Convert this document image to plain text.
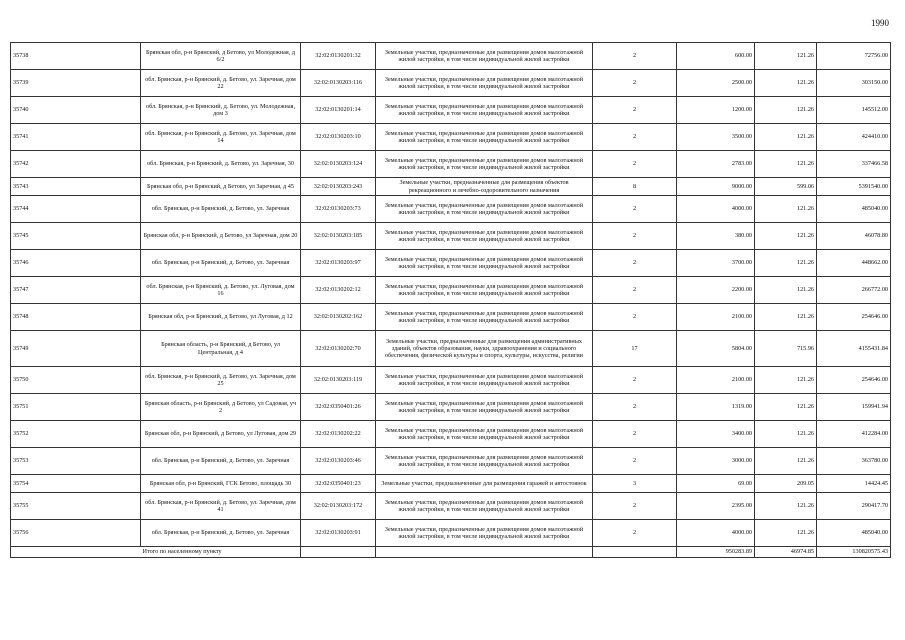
1990
35738	Брянская обл, р-н Брянский, д Бетово, ул Молодежная, д 6/2	32:02:0130201:32	Земельные участки, предназначенные для размещения домов малоэтажной жилой застройки, в том числе индивидуальной жилой застройки	2	600.00	121.26	72756.00
35739	обл. Брянская, р-н Брянский, д. Бетово, ул. Заречная, дом 22	32:02:0130203:116	Земельные участки, предназначенные для размещения домов малоэтажной жилой застройки, в том числе индивидуальной жилой застройки	2	2500.00	121.26	303150.00
35740	обл. Брянская, р-н Брянский, д. Бетово, ул. Молодежная, дом 3	32:02:0130201:14	Земельные участки, предназначенные для размещения домов малоэтажной жилой застройки, в том числе индивидуальной жилой застройки	2	1200.00	121.26	145512.00
35741	обл. Брянская, р-н Брянский, д. Бетово, ул. Заречная, дом 14	32:02:0130203:10	Земельные участки, предназначенные для размещения домов малоэтажной жилой застройки, в том числе индивидуальной жилой застройки	2	3500.00	121.26	424410.00
35742	обл. Брянская, р-н Брянский, д. Бетово, ул. Заречная, 30	32:02:0130203:124	Земельные участки, предназначенные для размещения домов малоэтажной жилой застройки, в том числе индивидуальной жилой застройки	2	2783.00	121.26	337466.58
35743	Брянская обл, р-н Брянский, д Бетово, ул Заречная, д 45	32:02:0130203:243	Земельные участки, предназначенные для размещения объектов рекреационного и лечебно-оздоровительного назначения	8	9000.00	599.06	5391540.00
35744	обл. Брянская, р-н Брянский, д. Бетово, ул. Заречная	32:02:0130203:73	Земельные участки, предназначенные для размещения домов малоэтажной жилой застройки, в том числе индивидуальной жилой застройки	2	4000.00	121.26	485040.00
35745	Брянская обл, р-н Брянский, д Бетово, ул Заречная, дом 20	32:02:0130203:185	Земельные участки, предназначенные для размещения домов малоэтажной жилой застройки, в том числе индивидуальной жилой застройки	2	380.00	121.26	46078.80
35746	обл. Брянская, р-н Брянский, д. Бетово, ул. Заречная	32:02:0130203:97	Земельные участки, предназначенные для размещения домов малоэтажной жилой застройки, в том числе индивидуальной жилой застройки	2	3700.00	121.26	448662.00
35747	обл. Брянская, р-н Брянский, д. Бетово, ул. Луговая, дом 16	32:02:0130202:12	Земельные участки, предназначенные для размещения домов малоэтажной жилой застройки, в том числе индивидуальной жилой застройки	2	2200.00	121.26	266772.00
35748	Брянская обл, р-н Брянский, д Бетово, ул Луговая, д 12	32:02:0130202:162	Земельные участки, предназначенные для размещения домов малоэтажной жилой застройки, в том числе индивидуальной жилой застройки	2	2100.00	121.26	254646.00
35749	Брянская область, р-н Брянский, д Бетово, ул Центральная, д 4	32:02:0130202:70	Земельные участки, предназначенные для размещения административных зданий, объектов образования, науки, здравоохранения и социального обеспечения, физической культуры и спорта, культуры, искусства, религии	17	5804.00	715.96	4155431.84
35750	обл. Брянская, р-н Брянский, д. Бетово, ул. Заречная, дом 25	32:02:0130203:119	Земельные участки, предназначенные для размещения домов малоэтажной жилой застройки, в том числе индивидуальной жилой застройки	2	2100.00	121.26	254646.00
35751	Брянская область, р-н Брянский, д Бетово, ул Садовая, уч 2	32:02:0350401:26	Земельные участки, предназначенные для размещения домов малоэтажной жилой застройки, в том числе индивидуальной жилой застройки	2	1319.00	121.26	159941.94
35752	Брянская обл, р-н Брянский, д Бетово, ул Луговая, дом 29	32:02:0130202:22	Земельные участки, предназначенные для размещения домов малоэтажной жилой застройки, в том числе индивидуальной жилой застройки	2	3400.00	121.26	412284.00
35753	обл. Брянская, р-н Брянский, д. Бетово, ул. Заречная	32:02:0130203:46	Земельные участки, предназначенные для размещения домов малоэтажной жилой застройки, в том числе индивидуальной жилой застройки	2	3000.00	121.26	363780.00
35754	Брянская обл, р-н Брянский, ГСК Бетово, площадь 30	32:02:0350401:23	Земельные участки, предназначенные для размещения гаражей и автостоянок	3	69.00	209.05	14424.45
35755	обл. Брянская, р-н Брянский, д. Бетово, ул. Заречная, дом 41	32:02:0130203:172	Земельные участки, предназначенные для размещения домов малоэтажной жилой застройки, в том числе индивидуальной жилой застройки	2	2395.00	121.26	290417.70
35756	обл. Брянская, р-н Брянский, д. Бетово, ул. Заречная	32:02:0130203:91	Земельные участки, предназначенные для размещения домов малоэтажной жилой застройки, в том числе индивидуальной жилой застройки	2	4000.00	121.26	485040.00
	Итого по населенному пункту				950283.89	46974.85	130820575.43
